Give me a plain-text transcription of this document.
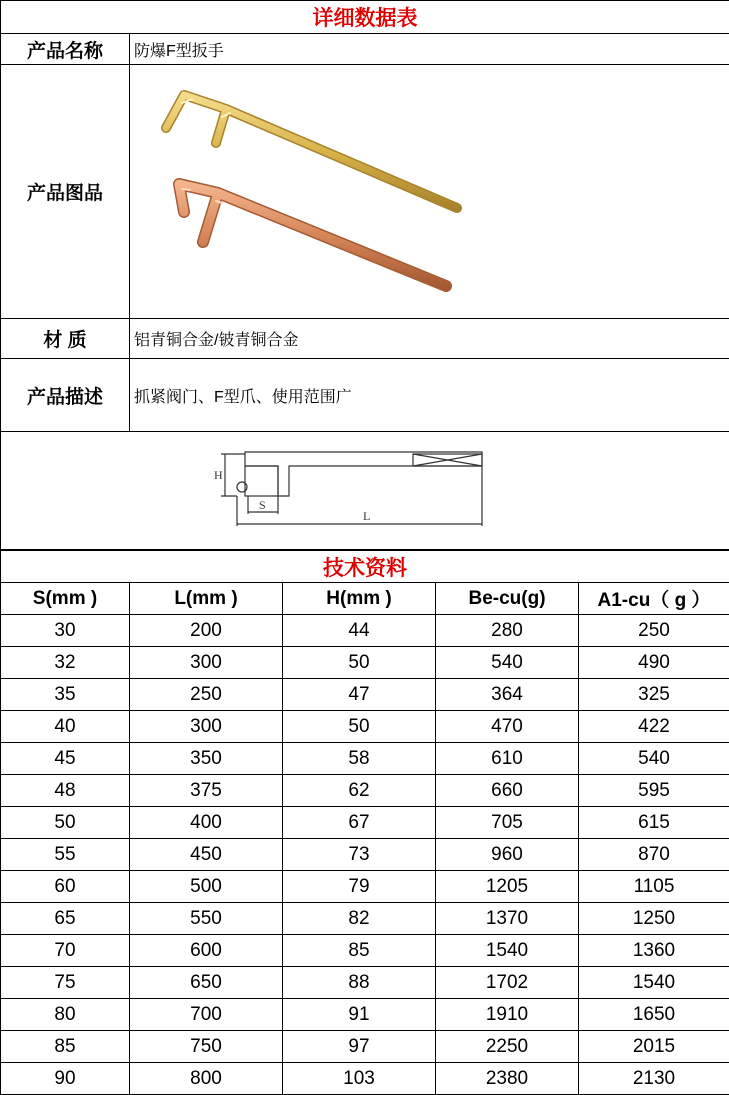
详细数据表	
产品名称	防爆F型扳手
产品图品	
材 质	铝青铜合金/铍青铜合金
产品描述	抓紧阀门、F型爪、使用范围广

H
S
L	
技术资料				
S(mm )	L(mm )	H(mm )	Be-cu(g)	A1-cu（ g ）
30	200	44	280	250
32	300	50	540	490
35	250	47	364	325
40	300	50	470	422
45	350	58	610	540
48	375	62	660	595
50	400	67	705	615
55	450	73	960	870
60	500	79	1205	1105
65	550	82	1370	1250
70	600	85	1540	1360
75	650	88	1702	1540
80	700	91	1910	1650
85	750	97	2250	2015
90	800	103	2380	2130
